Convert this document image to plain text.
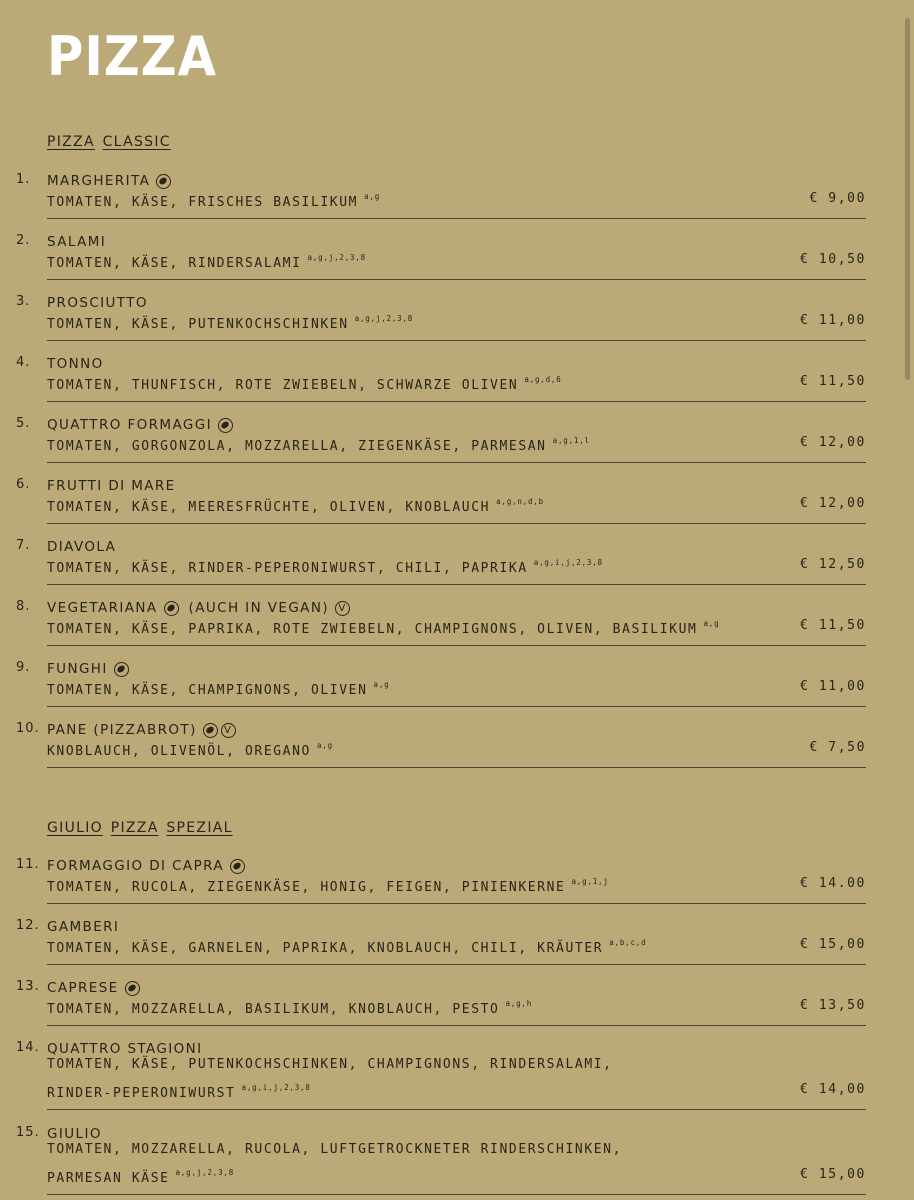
PIZZA
PIZZA CLASSIC
1. MARGHERITA
TOMATEN, KÄSE, FRISCHES BASILIKUM $^{a,g}$	€ 9,00
2. SALAMI
TOMATEN, KÄSE, RINDERSALAMI $^{a,g,j,2,3,8}$	€ 10,50
3. PROSCIUTTO
TOMATEN, KÄSE, PUTENKOCHSCHINKEN $^{a,g,j,2,3,8}$	€ 11,00
4. TONNO
TOMATEN, THUNFISCH, ROTE ZWIEBELN, SCHWARZE OLIVEN $^{a,g,d,6}$	€ 11,50
5. QUATTRO FORMAGGI
TOMATEN, GORGONZOLA, MOZZARELLA, ZIEGENKÄSE, PARMESAN $^{a,g,1,l}$	€ 12,00
6. FRUTTI DI MARE
TOMATEN, KÄSE, MEERESFRÜCHTE, OLIVEN, KNOBLAUCH $^{a,g,n,d,b}$	€ 12,00
7. DIAVOLA
TOMATEN, KÄSE, RINDER-PEPERONIWURST, CHILI, PAPRIKA $^{a,g,i,j,2,3,8}$	€ 12,50
8. VEGETARIANA (AUCH IN VEGAN)
V
TOMATEN, KÄSE, PAPRIKA, ROTE ZWIEBELN, CHAMPIGNONS, OLIVEN, BASILIKUM $^{a,g}$	€ 11,50
9. FUNGHI
TOMATEN, KÄSE, CHAMPIGNONS, OLIVEN $^{a,g}$	€ 11,00
10. PANE (PIZZABROT)
V
KNOBLAUCH, OLIVENÖL, OREGANO $^{a,g}$	€ 7,50
GIULIO PIZZA SPEZIAL
11. FORMAGGIO DI CAPRA
TOMATEN, RUCOLA, ZIEGENKÄSE, HONIG, FEIGEN, PINIENKERNE $^{a,g,1,j}$	€ 14.00
12. GAMBERI
TOMATEN, KÄSE, GARNELEN, PAPRIKA, KNOBLAUCH, CHILI, KRÄUTER $^{a,b,c,d}$	€ 15,00
13. CAPRESE
TOMATEN, MOZZARELLA, BASILIKUM, KNOBLAUCH, PESTO $^{a,g,h}$	€ 13,50
14. QUATTRO STAGIONI
TOMATEN, KÄSE, PUTENKOCHSCHINKEN, CHAMPIGNONS, RINDERSALAMI,
RINDER-PEPERONIWURST $^{a,g,i,j,2,3,8}$	€ 14,00
15. GIULIO
TOMATEN, MOZZARELLA, RUCOLA, LUFTGETROCKNETER RINDERSCHINKEN,
PARMESAN KÄSE $^{a,g,j,2,3,8}$	€ 15,00
